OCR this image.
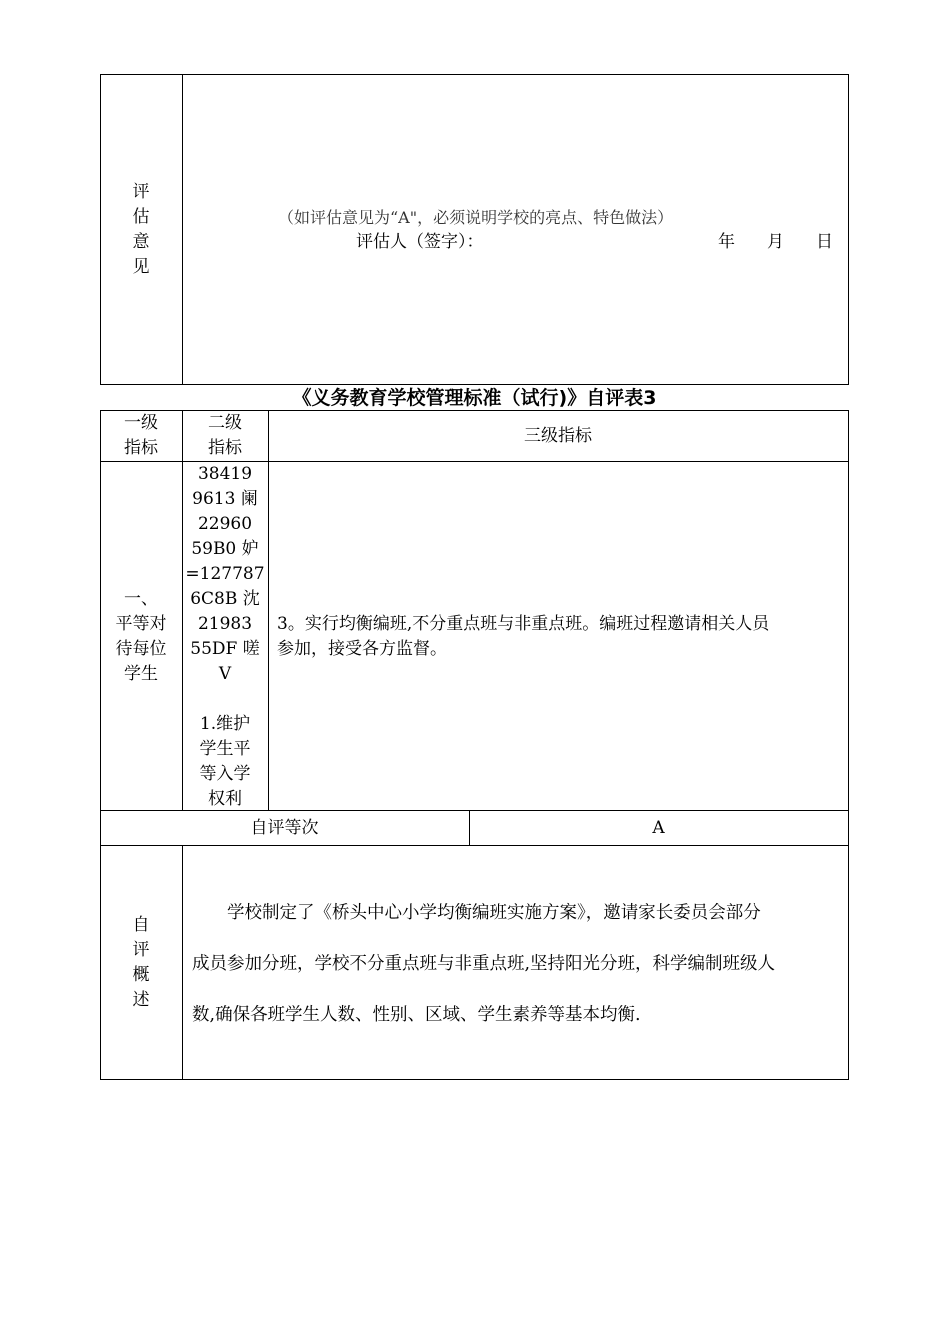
评
估
意
见
（如评估意见为“A"，必须说明学校的亮点、特色做法）
评估人（签字）：	年 月 日
《义务教育学校管理标准（试行)》自评表3
一级
指标
二级
指标
三级指标
一、
平等对
待每位
学生
38419
9613 阑
22960
59B0 妒
=127787
6C8B 沈
21983
55DF 嗟
V
1.维护
学生平
等入学
权利
3。实行均衡编班,不分重点班与非重点班。编班过程邀请相关人员
参加，接受各方监督。
自评等次	A
自
评
概
述
　　学校制定了《桥头中心小学均衡编班实施方案》，邀请家长委员会部分
成员参加分班，学校不分重点班与非重点班,坚持阳光分班，科学编制班级人
数,确保各班学生人数、性别、区域、学生素养等基本均衡.
